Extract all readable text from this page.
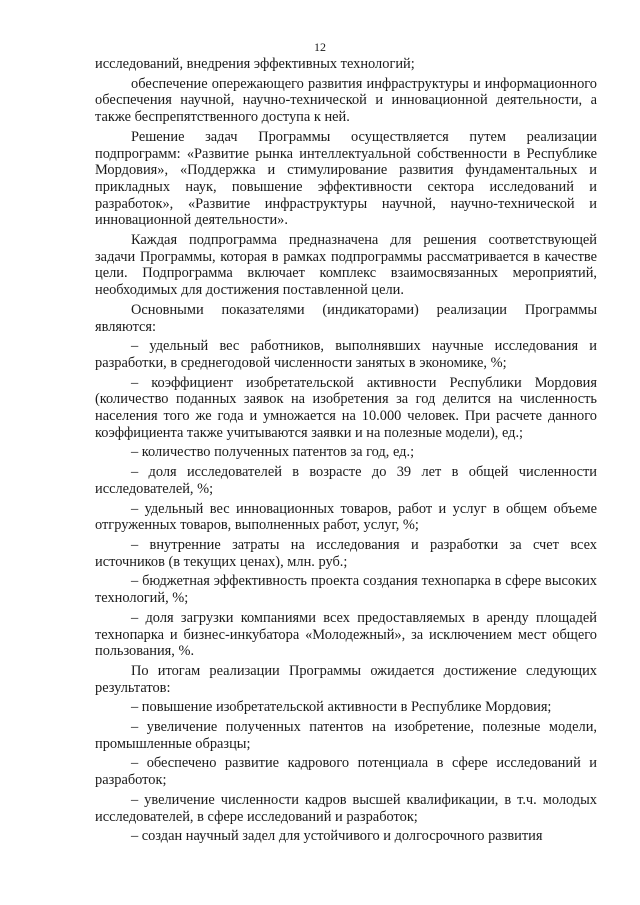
12

исследований, внедрения эффективных технологий;

обеспечение опережающего развития инфраструктуры и информационного обеспечения научной, научно-технической и инновационной деятельности, а также беспрепятственного доступа к ней.

Решение задач Программы осуществляется путем реализации подпрограмм: «Развитие рынка интеллектуальной собственности в Республике Мордовия», «Поддержка и стимулирование развития фундаментальных и прикладных наук, повышение эффективности сектора исследований и разработок», «Развитие инфраструктуры научной, научно-технической и инновационной деятельности».

Каждая подпрограмма предназначена для решения соответствующей задачи Программы, которая в рамках подпрограммы рассматривается в качестве цели. Подпрограмма включает комплекс взаимосвязанных мероприятий, необходимых для достижения поставленной цели.

Основными показателями (индикаторами) реализации Программы являются:

– удельный вес работников, выполнявших научные исследования и разработки, в среднегодовой численности занятых в экономике, %;

– коэффициент изобретательской активности Республики Мордовия (количество поданных заявок на изобретения за год делится на численность населения того же года и умножается на 10.000 человек. При расчете данного коэффициента также учитываются заявки и на полезные модели), ед.;

– количество полученных патентов за год, ед.;

– доля исследователей в возрасте до 39 лет в общей численности исследователей, %;

– удельный вес инновационных товаров, работ и услуг в общем объеме отгруженных товаров, выполненных работ, услуг, %;

– внутренние затраты на исследования и разработки за счет всех источников (в текущих ценах), млн. руб.;

– бюджетная эффективность проекта создания технопарка в сфере высоких технологий, %;

– доля загрузки компаниями всех предоставляемых в аренду площадей технопарка и бизнес-инкубатора «Молодежный», за исключением мест общего пользования, %.

По итогам реализации Программы ожидается достижение следующих результатов:

– повышение изобретательской активности в Республике Мордовия;

– увеличение полученных патентов на изобретение, полезные модели, промышленные образцы;

– обеспечено развитие кадрового потенциала в сфере исследований и разработок;

– увеличение численности кадров высшей квалификации, в т.ч. молодых исследователей, в сфере исследований и разработок;

– создан научный задел для устойчивого и долгосрочного развития
